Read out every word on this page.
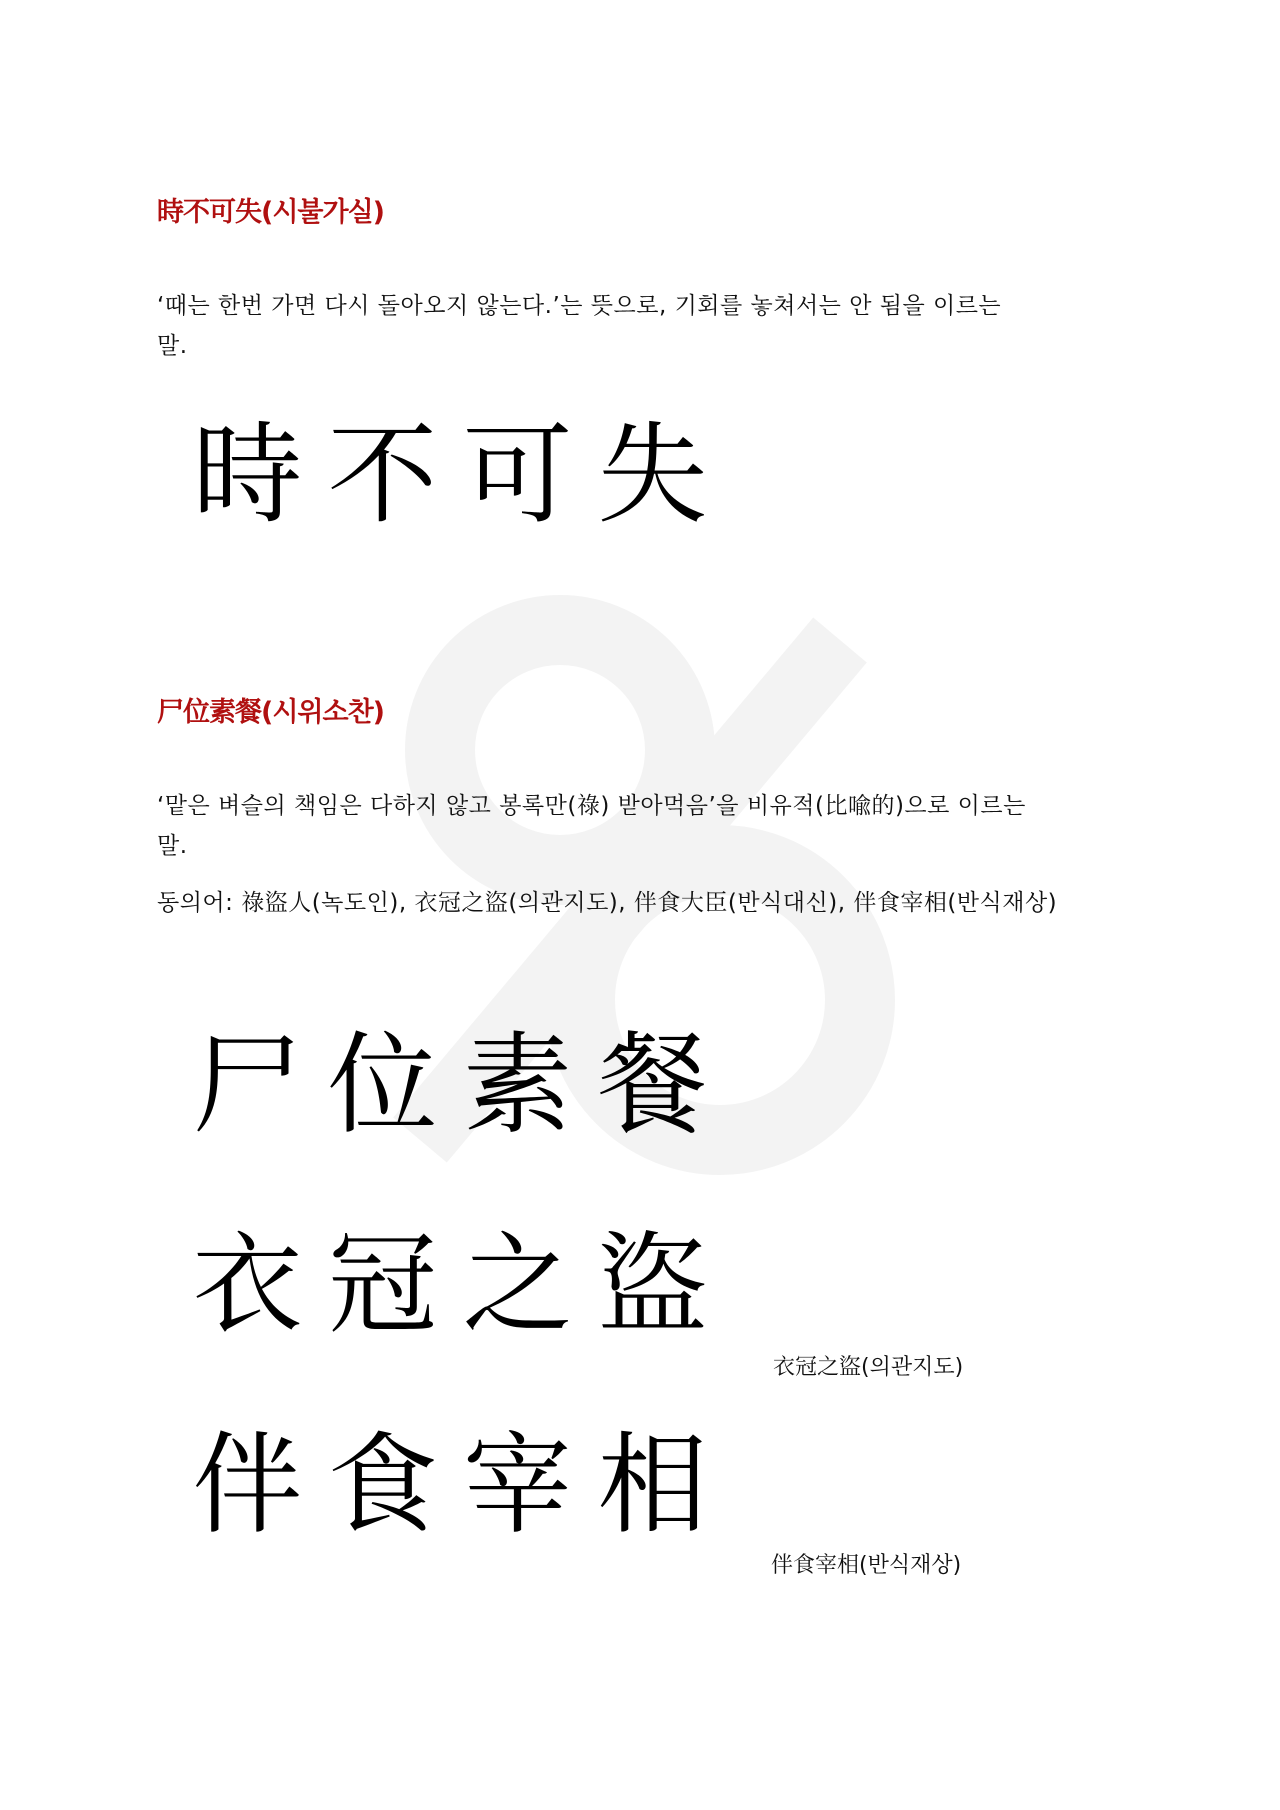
時不可失(시불가실)
‘때는 한번 가면 다시 돌아오지 않는다.’는 뜻으로, 기회를 놓쳐서는 안 됨을 이르는
말.
時 不 可 失
尸位素餐(시위소찬)
‘맡은 벼슬의 책임은 다하지 않고 봉록만(祿) 받아먹음’을 비유적(比喩的)으로 이르는
말.
동의어: 祿盜人(녹도인), 衣冠之盜(의관지도), 伴食大臣(반식대신), 伴食宰相(반식재상)
尸 位 素 餐
衣 冠 之 盜
衣冠之盜(의관지도)
伴 食 宰 相
伴食宰相(반식재상)
